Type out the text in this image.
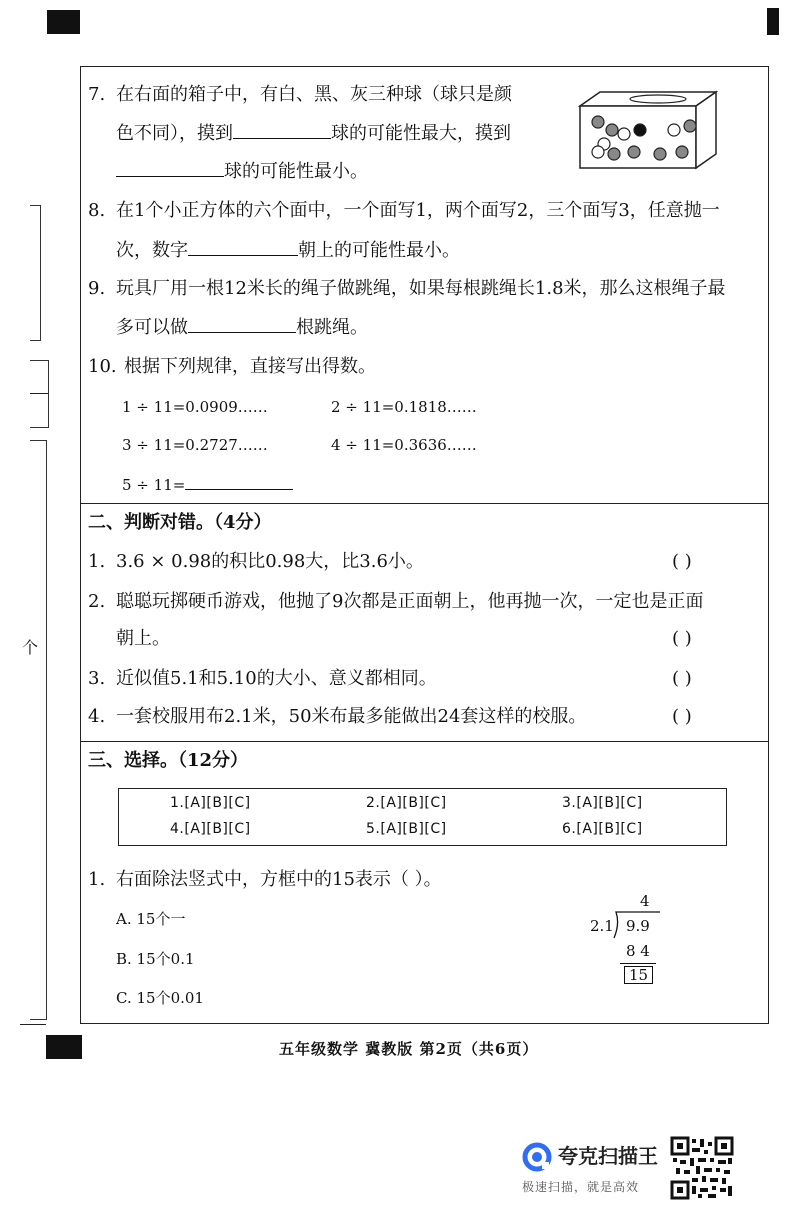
个
7. 在右面的箱子中，有白、黑、灰三种球（球只是颜
色不同），摸到	球的可能性最大，摸到
球的可能性最小。
8. 在1个小正方体的六个面中，一个面写1，两个面写2，三个面写3，任意抛一
次，数字	朝上的可能性最小。
9. 玩具厂用一根12米长的绳子做跳绳，如果每根跳绳长1.8米，那么这根绳子最
多可以做	根跳绳。
10. 根据下列规律，直接写出得数。
1 ÷ 11=0.0909……	2 ÷ 11=0.1818……
3 ÷ 11=0.2727……	4 ÷ 11=0.3636……
5 ÷ 11=
二、判断对错。（4分）
1. 3.6 × 0.98的积比0.98大，比3.6小。	( )
2. 聪聪玩掷硬币游戏，他抛了9次都是正面朝上，他再抛一次，一定也是正面
朝上。	( )
3. 近似值5.1和5.10的大小、意义都相同。	( )
4. 一套校服用布2.1米，50米布最多能做出24套这样的校服。	( )
三、选择。（12分）
1.[A][B][C]	2.[A][B][C]	3.[A][B][C]
4.[A][B][C]	5.[A][B][C]	6.[A][B][C]
1. 右面除法竖式中，方框中的15表示（ ）。
A. 15个一
B. 15个0.1
C. 15个0.01
4
2.1 9.9
8 4
15
五年级数学 冀教版 第2页（共6页）
夸克扫描王
极速扫描，就是高效
